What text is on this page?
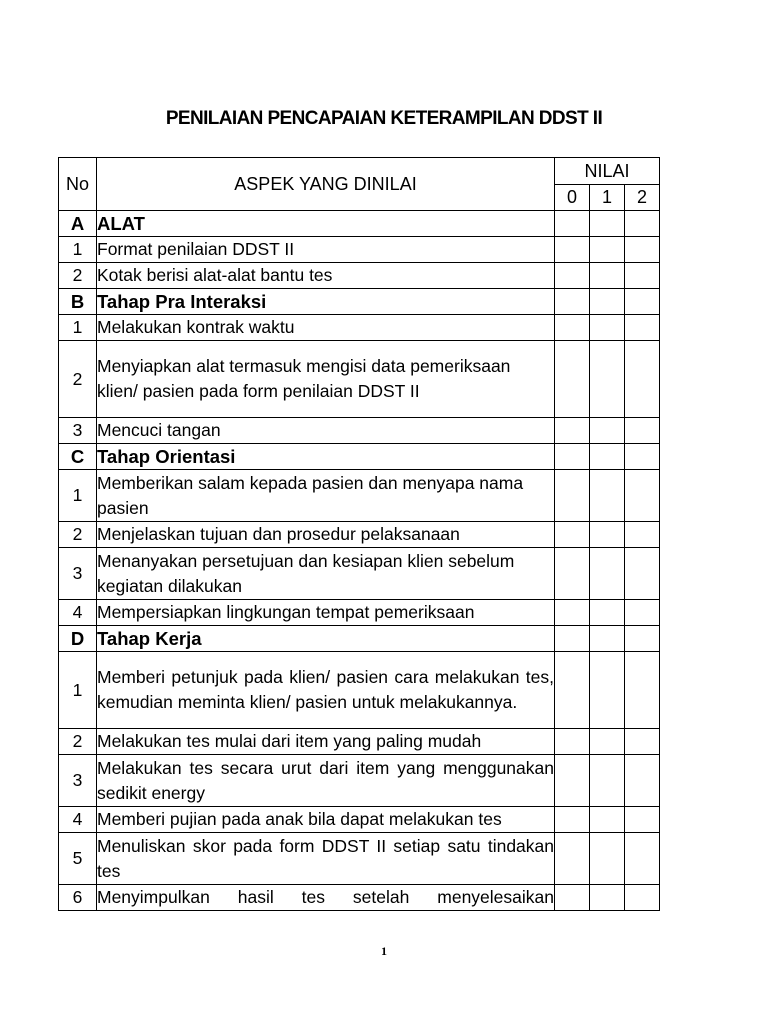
PENILAIAN PENCAPAIAN KETERAMPILAN DDST II
No	ASPEK YANG DINILAI	NILAI		
		0	1	2
A	ALAT			
1	Format penilaian DDST II			
2	Kotak berisi alat-alat bantu tes			
B	Tahap Pra Interaksi			
1	Melakukan kontrak waktu			
2	Menyiapkan alat termasuk mengisi data pemeriksaan klien/ pasien pada form penilaian DDST II			
3	Mencuci tangan			
C	Tahap Orientasi			
1	Memberikan salam kepada pasien dan menyapa nama pasien			
2	Menjelaskan tujuan dan prosedur pelaksanaan			
3	Menanyakan persetujuan dan kesiapan klien sebelum kegiatan dilakukan			
4	Mempersiapkan lingkungan tempat pemeriksaan			
D	Tahap Kerja			
1	Memberi petunjuk pada klien/ pasien cara melakukan tes, kemudian meminta klien/ pasien untuk melakukannya.			
2	Melakukan tes mulai dari item yang paling mudah			
3	Melakukan tes secara urut dari item yang menggunakan sedikit energy			
4	Memberi pujian pada anak bila dapat melakukan tes			
5	Menuliskan skor pada form DDST II setiap satu tindakan tes			
6	Menyimpulkan hasil tes setelah menyelesaikan			
1
